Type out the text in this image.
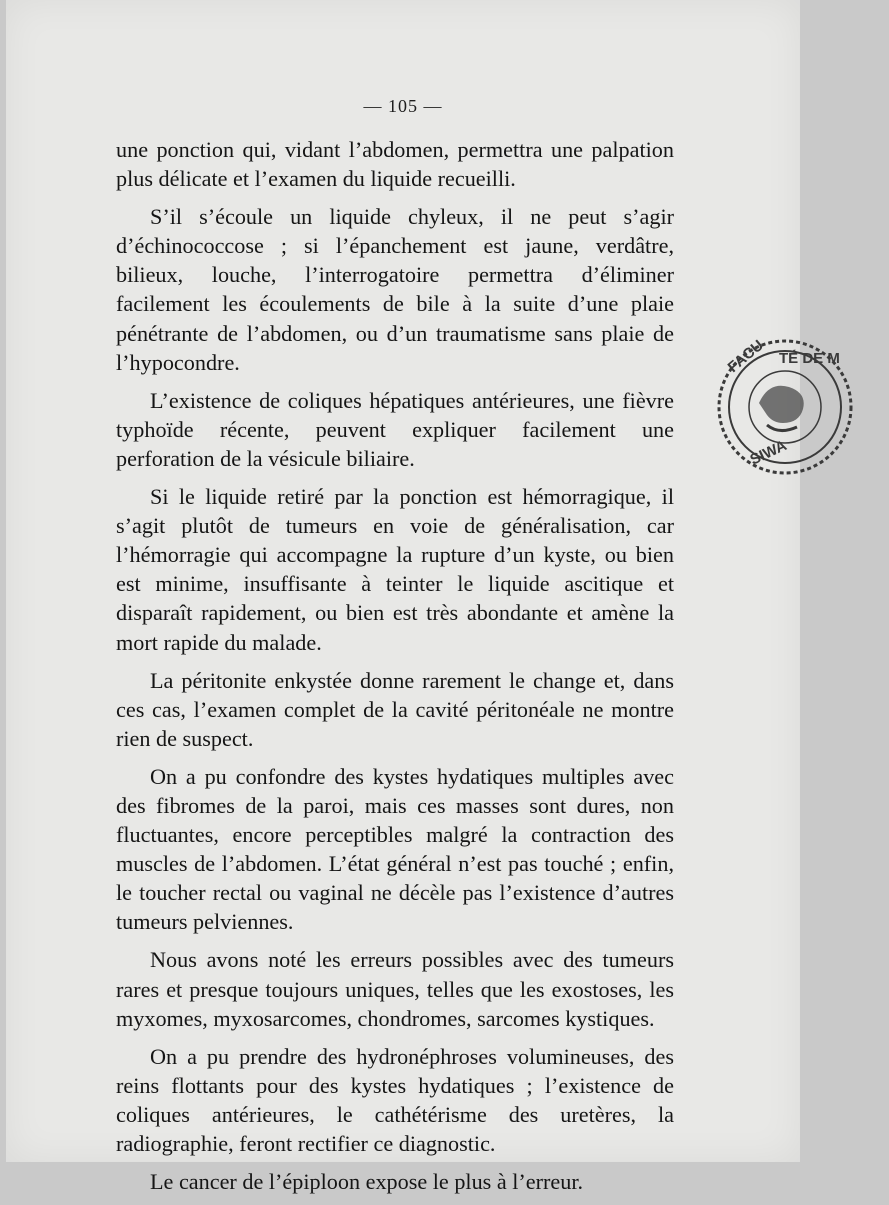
— 105 —

une ponction qui, vidant l’abdomen, permettra une palpation plus délicate et l’examen du liquide recueilli.

S’il s’écoule un liquide chyleux, il ne peut s’agir d’échinococcose ; si l’épanchement est jaune, verdâtre, bilieux, louche, l’interrogatoire permettra d’éliminer facilement les écoulements de bile à la suite d’une plaie pénétrante de l’abdomen, ou d’un traumatisme sans plaie de l’hypocondre.

L’existence de coliques hépatiques antérieures, une fièvre typhoïde récente, peuvent expliquer facilement une perforation de la vésicule biliaire.

Si le liquide retiré par la ponction est hémorragique, il s’agit plutôt de tumeurs en voie de généralisation, car l’hémorragie qui accompagne la rupture d’un kyste, ou bien est minime, insuffisante à teinter le liquide ascitique et disparaît rapidement, ou bien est très abondante et amène la mort rapide du malade.

La péritonite enkystée donne rarement le change et, dans ces cas, l’examen complet de la cavité péritonéale ne montre rien de suspect.

On a pu confondre des kystes hydatiques multiples avec des fibromes de la paroi, mais ces masses sont dures, non fluctuantes, encore perceptibles malgré la contraction des muscles de l’abdomen. L’état général n’est pas touché ; enfin, le toucher rectal ou vaginal ne décèle pas l’existence d’autres tumeurs pelviennes.

Nous avons noté les erreurs possibles avec des tumeurs rares et presque toujours uniques, telles que les exostoses, les myxomes, myxosarcomes, chondromes, sarcomes kystiques.

On a pu prendre des hydronéphroses volumineuses, des reins flottants pour des kystes hydatiques ; l’existence de coliques antérieures, le cathétérisme des uretères, la radiographie, feront rectifier ce diagnostic.

Le cancer de l’épiploon expose le plus à l’erreur.

FACU TÉ DE M
SIWA
